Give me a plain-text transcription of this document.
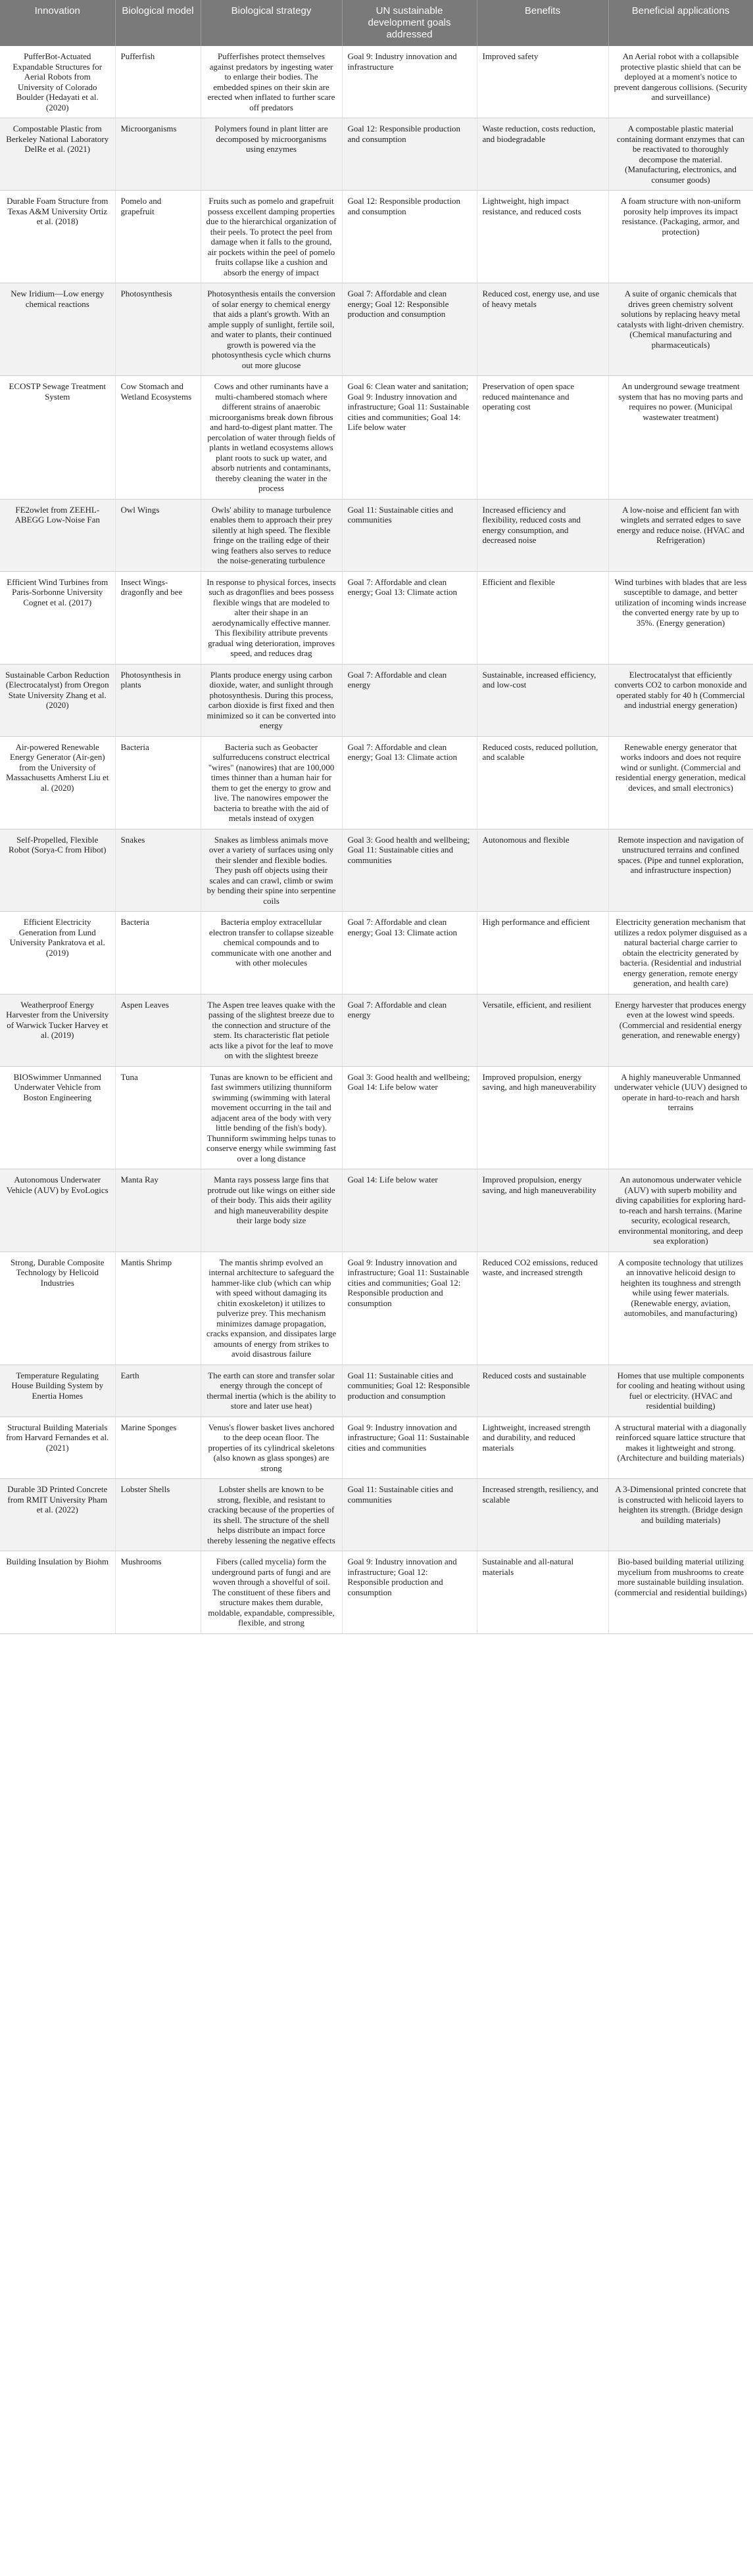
Innovation	Biological model	Biological strategy	UN sustainable development goals addressed	Benefits	Beneficial applications
PufferBot-Actuated Expandable Structures for Aerial Robots from University of Colorado Boulder (Hedayati et al. (2020)	Pufferfish	Pufferfishes protect themselves against predators by ingesting water to enlarge their bodies. The embedded spines on their skin are erected when inflated to further scare off predators	Goal 9: Industry innovation and infrastructure	Improved safety	An Aerial robot with a collapsible protective plastic shield that can be deployed at a moment's notice to prevent dangerous collisions. (Security and surveillance)
Compostable Plastic from Berkeley National Laboratory DelRe et al. (2021)	Microorganisms	Polymers found in plant litter are decomposed by microorganisms using enzymes	Goal 12: Responsible production and consumption	Waste reduction, costs reduction, and biodegradable	A compostable plastic material containing dormant enzymes that can be reactivated to thoroughly decompose the material. (Manufacturing, electronics, and consumer goods)
Durable Foam Structure from Texas A&M University Ortiz et al. (2018)	Pomelo and grapefruit	Fruits such as pomelo and grapefruit possess excellent damping properties due to the hierarchical organization of their peels. To protect the peel from damage when it falls to the ground, air pockets within the peel of pomelo fruits collapse like a cushion and absorb the energy of impact	Goal 12: Responsible production and consumption	Lightweight, high impact resistance, and reduced costs	A foam structure with non-uniform porosity help improves its impact resistance. (Packaging, armor, and protection)
New Iridium—Low energy chemical reactions	Photosynthesis	Photosynthesis entails the conversion of solar energy to chemical energy that aids a plant's growth. With an ample supply of sunlight, fertile soil, and water to plants, their continued growth is powered via the photosynthesis cycle which churns out more glucose	Goal 7: Affordable and clean energy; Goal 12: Responsible production and consumption	Reduced cost, energy use, and use of heavy metals	A suite of organic chemicals that drives green chemistry solvent solutions by replacing heavy metal catalysts with light-driven chemistry. (Chemical manufacturing and pharmaceuticals)
ECOSTP Sewage Treatment System	Cow Stomach and Wetland Ecosystems	Cows and other ruminants have a multi-chambered stomach where different strains of anaerobic microorganisms break down fibrous and hard-to-digest plant matter. The percolation of water through fields of plants in wetland ecosystems allows plant roots to suck up water, and absorb nutrients and contaminants, thereby cleaning the water in the process	Goal 6: Clean water and sanitation; Goal 9: Industry innovation and infrastructure; Goal 11: Sustainable cities and communities; Goal 14: Life below water	Preservation of open space reduced maintenance and operating cost	An underground sewage treatment system that has no moving parts and requires no power. (Municipal wastewater treatment)
FE2owlet from ZEEHL-ABEGG Low-Noise Fan	Owl Wings	Owls' ability to manage turbulence enables them to approach their prey silently at high speed. The flexible fringe on the trailing edge of their wing feathers also serves to reduce the noise-generating turbulence	Goal 11: Sustainable cities and communities	Increased efficiency and flexibility, reduced costs and energy consumption, and decreased noise	A low-noise and efficient fan with winglets and serrated edges to save energy and reduce noise. (HVAC and Refrigeration)
Efficient Wind Turbines from Paris-Sorbonne University Cognet et al. (2017)	Insect Wings-dragonfly and bee	In response to physical forces, insects such as dragonflies and bees possess flexible wings that are modeled to alter their shape in an aerodynamically effective manner. This flexibility attribute prevents gradual wing deterioration, improves speed, and reduces drag	Goal 7: Affordable and clean energy; Goal 13: Climate action	Efficient and flexible	Wind turbines with blades that are less susceptible to damage, and better utilization of incoming winds increase the converted energy rate by up to 35%. (Energy generation)
Sustainable Carbon Reduction (Electrocatalyst) from Oregon State University Zhang et al. (2020)	Photosynthesis in plants	Plants produce energy using carbon dioxide, water, and sunlight through photosynthesis. During this process, carbon dioxide is first fixed and then minimized so it can be converted into energy	Goal 7: Affordable and clean energy	Sustainable, increased efficiency, and low-cost	Electrocatalyst that efficiently converts CO2 to carbon monoxide and operated stably for 40 h (Commercial and industrial energy generation)
Air-powered Renewable Energy Generator (Air-gen) from the University of Massachusetts Amherst Liu et al. (2020)	Bacteria	Bacteria such as Geobacter sulfurreducens construct electrical "wires" (nanowires) that are 100,000 times thinner than a human hair for them to get the energy to grow and live. The nanowires empower the bacteria to breathe with the aid of metals instead of oxygen	Goal 7: Affordable and clean energy; Goal 13: Climate action	Reduced costs, reduced pollution, and scalable	Renewable energy generator that works indoors and does not require wind or sunlight. (Commercial and residential energy generation, medical devices, and small electronics)
Self-Propelled, Flexible Robot (Sorya-C from Hibot)	Snakes	Snakes as limbless animals move over a variety of surfaces using only their slender and flexible bodies. They push off objects using their scales and can crawl, climb or swim by bending their spine into serpentine coils	Goal 3: Good health and wellbeing; Goal 11: Sustainable cities and communities	Autonomous and flexible	Remote inspection and navigation of unstructured terrains and confined spaces. (Pipe and tunnel exploration, and infrastructure inspection)
Efficient Electricity Generation from Lund University Pankratova et al. (2019)	Bacteria	Bacteria employ extracellular electron transfer to collapse sizeable chemical compounds and to communicate with one another and with other molecules	Goal 7: Affordable and clean energy; Goal 13: Climate action	High performance and efficient	Electricity generation mechanism that utilizes a redox polymer disguised as a natural bacterial charge carrier to obtain the electricity generated by bacteria. (Residential and industrial energy generation, remote energy generation, and health care)
Weatherproof Energy Harvester from the University of Warwick Tucker Harvey et al. (2019)	Aspen Leaves	The Aspen tree leaves quake with the passing of the slightest breeze due to the connection and structure of the stem. Its characteristic flat petiole acts like a pivot for the leaf to move on with the slightest breeze	Goal 7: Affordable and clean energy	Versatile, efficient, and resilient	Energy harvester that produces energy even at the lowest wind speeds. (Commercial and residential energy generation, and renewable energy)
BIOSwimmer Unmanned Underwater Vehicle from Boston Engineering	Tuna	Tunas are known to be efficient and fast swimmers utilizing thunniform swimming (swimming with lateral movement occurring in the tail and adjacent area of the body with very little bending of the fish's body). Thunniform swimming helps tunas to conserve energy while swimming fast over a long distance	Goal 3: Good health and wellbeing; Goal 14: Life below water	Improved propulsion, energy saving, and high maneuverability	A highly maneuverable Unmanned underwater vehicle (UUV) designed to operate in hard-to-reach and harsh terrains
Autonomous Underwater Vehicle (AUV) by EvoLogics	Manta Ray	Manta rays possess large fins that protrude out like wings on either side of their body. This aids their agility and high maneuverability despite their large body size	Goal 14: Life below water	Improved propulsion, energy saving, and high maneuverability	An autonomous underwater vehicle (AUV) with superb mobility and diving capabilities for exploring hard-to-reach and harsh terrains. (Marine security, ecological research, environmental monitoring, and deep sea exploration)
Strong, Durable Composite Technology by Helicoid Industries	Mantis Shrimp	The mantis shrimp evolved an internal architecture to safeguard the hammer-like club (which can whip with speed without damaging its chitin exoskeleton) it utilizes to pulverize prey. This mechanism minimizes damage propagation, cracks expansion, and dissipates large amounts of energy from strikes to avoid disastrous failure	Goal 9: Industry innovation and infrastructure; Goal 11: Sustainable cities and communities; Goal 12: Responsible production and consumption	Reduced CO2 emissions, reduced waste, and increased strength	A composite technology that utilizes an innovative helicoid design to heighten its toughness and strength while using fewer materials. (Renewable energy, aviation, automobiles, and manufacturing)
Temperature Regulating House Building System by Enertia Homes	Earth	The earth can store and transfer solar energy through the concept of thermal inertia (which is the ability to store and later use heat)	Goal 11: Sustainable cities and communities; Goal 12: Responsible production and consumption	Reduced costs and sustainable	Homes that use multiple components for cooling and heating without using fuel or electricity. (HVAC and residential building)
Structural Building Materials from Harvard Fernandes et al. (2021)	Marine Sponges	Venus's flower basket lives anchored to the deep ocean floor. The properties of its cylindrical skeletons (also known as glass sponges) are strong	Goal 9: Industry innovation and infrastructure; Goal 11: Sustainable cities and communities	Lightweight, increased strength and durability, and reduced materials	A structural material with a diagonally reinforced square lattice structure that makes it lightweight and strong. (Architecture and building materials)
Durable 3D Printed Concrete from RMIT University Pham et al. (2022)	Lobster Shells	Lobster shells are known to be strong, flexible, and resistant to cracking because of the properties of its shell. The structure of the shell helps distribute an impact force thereby lessening the negative effects	Goal 11: Sustainable cities and communities	Increased strength, resiliency, and scalable	A 3-Dimensional printed concrete that is constructed with helicoid layers to heighten its strength. (Bridge design and building materials)
Building Insulation by Biohm	Mushrooms	Fibers (called mycelia) form the underground parts of fungi and are woven through a shovelful of soil. The constituent of these fibers and structure makes them durable, moldable, expandable, compressible, flexible, and strong	Goal 9: Industry innovation and infrastructure; Goal 12: Responsible production and consumption	Sustainable and all-natural materials	Bio-based building material utilizing mycelium from mushrooms to create more sustainable building insulation. (commercial and residential buildings)
